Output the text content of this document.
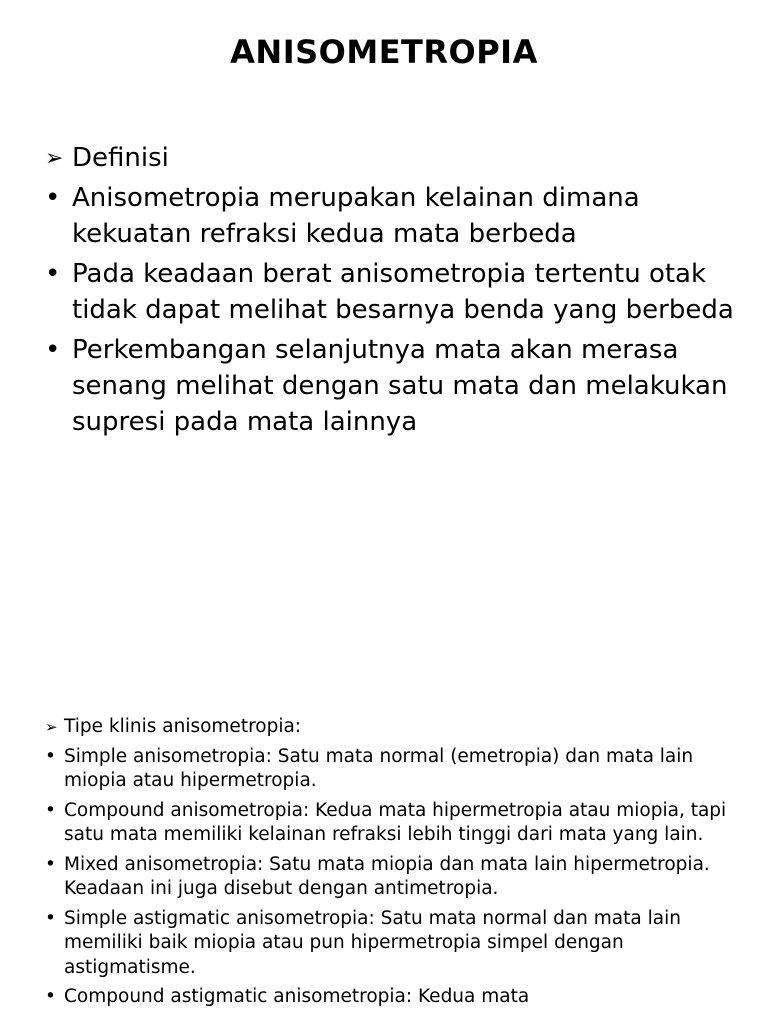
ANISOMETROPIA
➢ Definisi
• Anisometropia merupakan kelainan dimana kekuatan refraksi kedua mata berbeda
• Pada keadaan berat anisometropia tertentu otak tidak dapat melihat besarnya benda yang berbeda
• Perkembangan selanjutnya mata akan merasa senang melihat dengan satu mata dan melakukan supresi pada mata lainnya
➢ Tipe klinis anisometropia:
• Simple anisometropia: Satu mata normal (emetropia) dan mata lain miopia atau hipermetropia.
• Compound anisometropia: Kedua mata hipermetropia atau miopia, tapi satu mata memiliki kelainan refraksi lebih tinggi dari mata yang lain.
• Mixed anisometropia: Satu mata miopia dan mata lain hipermetropia. Keadaan ini juga disebut dengan antimetropia.
• Simple astigmatic anisometropia: Satu mata normal dan mata lain memiliki baik miopia atau pun hipermetropia simpel dengan astigmatisme.
• Compound astigmatic anisometropia: Kedua mata
